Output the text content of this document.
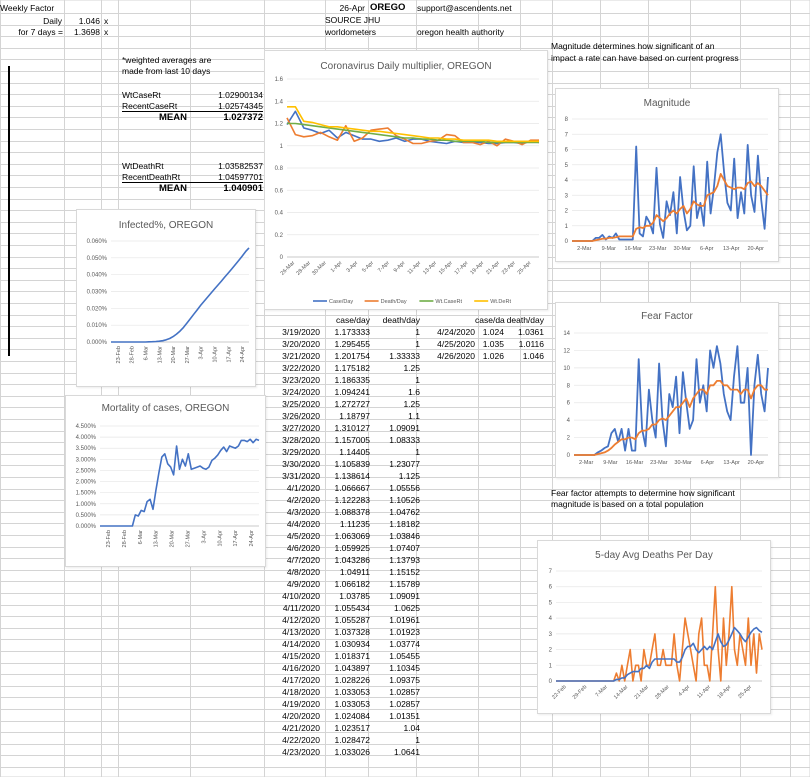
Weekly Factor
Daily	1.046 x
for 7 days =	1.3698 x
26-Apr OREGO	support@ascendents.net
SOURCE JHU
worldometers	oregon health authority
Magnitude determines how significant of an
impact a rate can have based on current progress
Fear factor attempts to determine how significant
magnitude is based on a total population
*weighted averages are
made from last 10 days
WtCaseRt	1.02900134
RecentCaseRt	1.02574345
MEAN	1.027372
WtDeathRt	1.03582537
RecentDeathRt	1.04597701
MEAN	1.040901
case/day	death/day
3/19/2020	1.173333	1
3/20/2020	1.295455	1
3/21/2020	1.201754	1.33333
3/22/2020	1.175182	1.25
3/23/2020	1.186335	1
3/24/2020	1.094241	1.6
3/25/2020	1.272727	1.25
3/26/2020	1.18797	1.1
3/27/2020	1.310127	1.09091
3/28/2020	1.157005	1.08333
3/29/2020	1.14405	1
3/30/2020	1.105839	1.23077
3/31/2020	1.138614	1.125
4/1/2020	1.066667	1.05556
4/2/2020	1.122283	1.10526
4/3/2020	1.088378	1.04762
4/4/2020	1.11235	1.18182
4/5/2020	1.063069	1.03846
4/6/2020	1.059925	1.07407
4/7/2020	1.043286	1.13793
4/8/2020	1.04911	1.15152
4/9/2020	1.066182	1.15789
4/10/2020	1.03785	1.09091
4/11/2020	1.055434	1.0625
4/12/2020	1.055287	1.01961
4/13/2020	1.037328	1.01923
4/14/2020	1.030934	1.03774
4/15/2020	1.018371	1.05455
4/16/2020	1.043897	1.10345
4/17/2020	1.028226	1.09375
4/18/2020	1.033053	1.02857
4/19/2020	1.033053	1.02857
4/20/2020	1.024084	1.01351
4/21/2020	1.023517	1.04
4/22/2020	1.028472	1
4/23/2020	1.033026	1.0641
case/da death/day
4/24/2020 1.024	1.0361
4/25/2020 1.035	1.0116
4/26/2020 1.026	1.046
Coronavirus Daily multiplier, OREGON
0
0.2
0.4
0.6
0.8
1
1.2
1.4
1.6
26-Mar 28-Mar 30-Mar 1-Apr 3-Apr 5-Apr 7-Apr 9-Apr 11-Apr 13-Apr 15-Apr 17-Apr 19-Apr 21-Apr 23-Apr 25-Apr
Case/Day	Death/Day	Wt.CaseRt	Wt.DeRt
Infected%, OREGON
0.000%
0.010%
0.020%
0.030%
0.040%
0.050%
0.060%
23-Feb 28-Feb 6-Mar 13-Mar 20-Mar 27-Mar 3-Apr 10-Apr 17-Apr 24-Apr
Mortality of cases, OREGON
0.000%
0.500%
1.000%
1.500%
2.000%
2.500%
3.000%
3.500%
4.000%
4.500%
23-Feb 28-Feb 6-Mar 13-Mar 20-Mar 27-Mar 3-Apr 10-Apr 17-Apr 24-Apr
Magnitude
0
1
2
3
4
5
6
7
8
2-Mar 9-Mar 16-Mar 23-Mar 30-Mar 6-Apr 13-Apr 20-Apr
Fear Factor
0
2
4
6
8
10
12
14
2-Mar 9-Mar 16-Mar 23-Mar 30-Mar 6-Apr 13-Apr 20-Apr
5-day Avg Deaths Per Day
0
1
2
3
4
5
6
7
22-Feb 29-Feb 7-Mar 14-Mar 21-Mar 28-Mar 4-Apr 11-Apr 18-Apr 25-Apr
